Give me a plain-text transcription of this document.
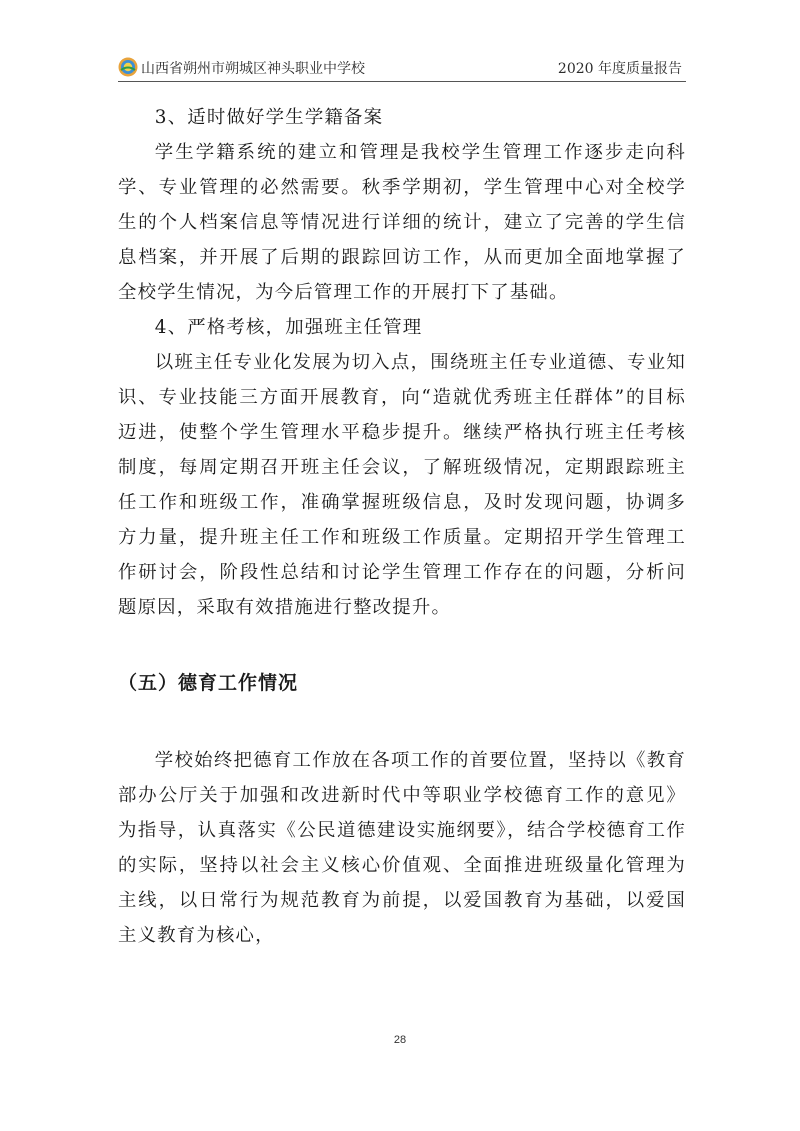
山西省朔州市朔城区神头职业中学校	2020 年度质量报告

3、适时做好学生学籍备案

学生学籍系统的建立和管理是我校学生管理工作逐步走向科学、专业管理的必然需要。秋季学期初，学生管理中心对全校学生的个人档案信息等情况进行详细的统计，建立了完善的学生信息档案，并开展了后期的跟踪回访工作，从而更加全面地掌握了全校学生情况，为今后管理工作的开展打下了基础。

4、严格考核，加强班主任管理

以班主任专业化发展为切入点，围绕班主任专业道德、专业知识、专业技能三方面开展教育，向“造就优秀班主任群体”的目标迈进，使整个学生管理水平稳步提升。继续严格执行班主任考核制度，每周定期召开班主任会议，了解班级情况，定期跟踪班主任工作和班级工作，准确掌握班级信息，及时发现问题，协调多方力量，提升班主任工作和班级工作质量。定期招开学生管理工作研讨会，阶段性总结和讨论学生管理工作存在的问题，分析问题原因，采取有效措施进行整改提升。

（五）德育工作情况

学校始终把德育工作放在各项工作的首要位置，坚持以《教育部办公厅关于加强和改进新时代中等职业学校德育工作的意见》为指导，认真落实《公民道德建设实施纲要》，结合学校德育工作的实际，坚持以社会主义核心价值观、全面推进班级量化管理为主线，以日常行为规范教育为前提，以爱国教育为基础，以爱国主义教育为核心，

28
